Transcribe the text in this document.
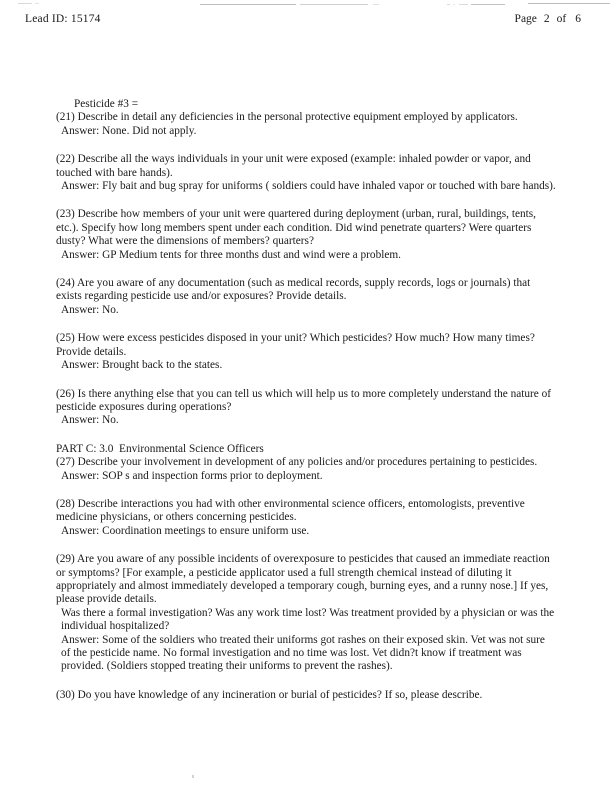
Lead ID: 15174	Page 2 of 6
Pesticide #3 =

(21) Describe in detail any deficiencies in the personal protective equipment employed by applicators.

Answer: None. Did not apply.

(22) Describe all the ways individuals in your unit were exposed (example: inhaled powder or vapor, and touched with bare hands).

Answer: Fly bait and bug spray for uniforms ( soldiers could have inhaled vapor or touched with bare hands).

(23) Describe how members of your unit were quartered during deployment (urban, rural, buildings, tents, etc.). Specify how long members spent under each condition. Did wind penetrate quarters? Were quarters dusty? What were the dimensions of members? quarters?

Answer: GP Medium tents for three months dust and wind were a problem.

(24) Are you aware of any documentation (such as medical records, supply records, logs or journals) that exists regarding pesticide use and/or exposures? Provide details.

Answer: No.

(25) How were excess pesticides disposed in your unit? Which pesticides? How much? How many times? Provide details.

Answer: Brought back to the states.

(26) Is there anything else that you can tell us which will help us to more completely understand the nature of pesticide exposures during operations?

Answer: No.

PART C: 3.0  Environmental Science Officers

(27) Describe your involvement in development of any policies and/or procedures pertaining to pesticides.

Answer: SOP s and inspection forms prior to deployment.

(28) Describe interactions you had with other environmental science officers, entomologists, preventive medicine physicians, or others concerning pesticides.

Answer: Coordination meetings to ensure uniform use.

(29) Are you aware of any possible incidents of overexposure to pesticides that caused an immediate reaction or symptoms? [For example, a pesticide applicator used a full strength chemical instead of diluting it appropriately and almost immediately developed a temporary cough, burning eyes, and a runny nose.] If yes, please provide details.

Was there a formal investigation? Was any work time lost? Was treatment provided by a physician or was the individual hospitalized?

Answer: Some of the soldiers who treated their uniforms got rashes on their exposed skin. Vet was not sure of the pesticide name. No formal investigation and no time was lost. Vet didn?t know if treatment was provided. (Soldiers stopped treating their uniforms to prevent the rashes).

(30) Do you have knowledge of any incineration or burial of pesticides? If so, please describe.
